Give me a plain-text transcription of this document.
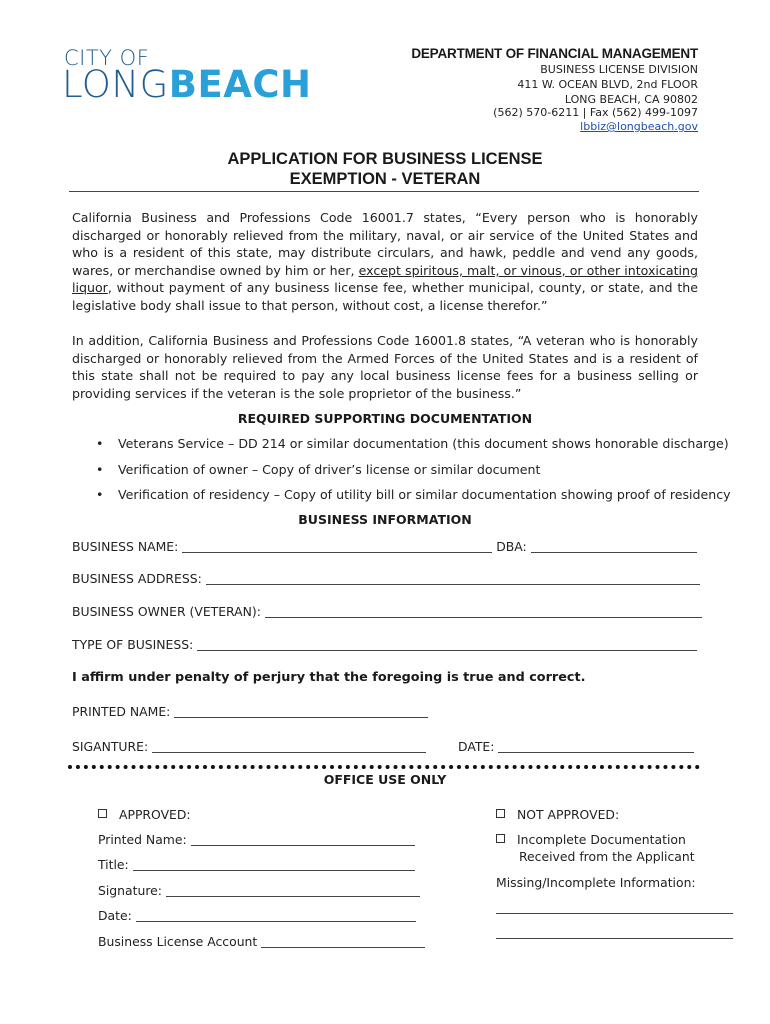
CITY OF
LONGBEACH
DEPARTMENT OF FINANCIAL MANAGEMENT
BUSINESS LICENSE DIVISION
411 W. OCEAN BLVD, 2nd FLOOR
LONG BEACH, CA 90802
(562) 570-6211 | Fax (562) 499-1097
lbbiz@longbeach.gov
APPLICATION FOR BUSINESS LICENSE
EXEMPTION - VETERAN
California Business and Professions Code 16001.7 states, “Every person who is honorably discharged or honorably relieved from the military, naval, or air service of the United States and who is a resident of this state, may distribute circulars, and hawk, peddle and vend any goods, wares, or merchandise owned by him or her, except spiritous, malt, or vinous, or other intoxicating liquor, without payment of any business license fee, whether municipal, county, or state, and the legislative body shall issue to that person, without cost, a license therefor.”
In addition, California Business and Professions Code 16001.8 states, “A veteran who is honorably discharged or honorably relieved from the Armed Forces of the United States and is a resident of this state shall not be required to pay any local business license fees for a business selling or providing services if the veteran is the sole proprietor of the business.”
REQUIRED SUPPORTING DOCUMENTATION
• Veterans Service – DD 214 or similar documentation (this document shows honorable discharge)
• Verification of owner – Copy of driver’s license or similar document
• Verification of residency – Copy of utility bill or similar documentation showing proof of residency
BUSINESS INFORMATION
BUSINESS NAME:	DBA:
BUSINESS ADDRESS:
BUSINESS OWNER (VETERAN):
TYPE OF BUSINESS:
I affirm under penalty of perjury that the foregoing is true and correct.
PRINTED NAME:
SIGANTURE:	DATE:
OFFICE USE ONLY
APPROVED:
Printed Name:
Title:
Signature:
Date:
Business License Account
NOT APPROVED:
Incomplete Documentation
Received from the Applicant
Missing/Incomplete Information:
